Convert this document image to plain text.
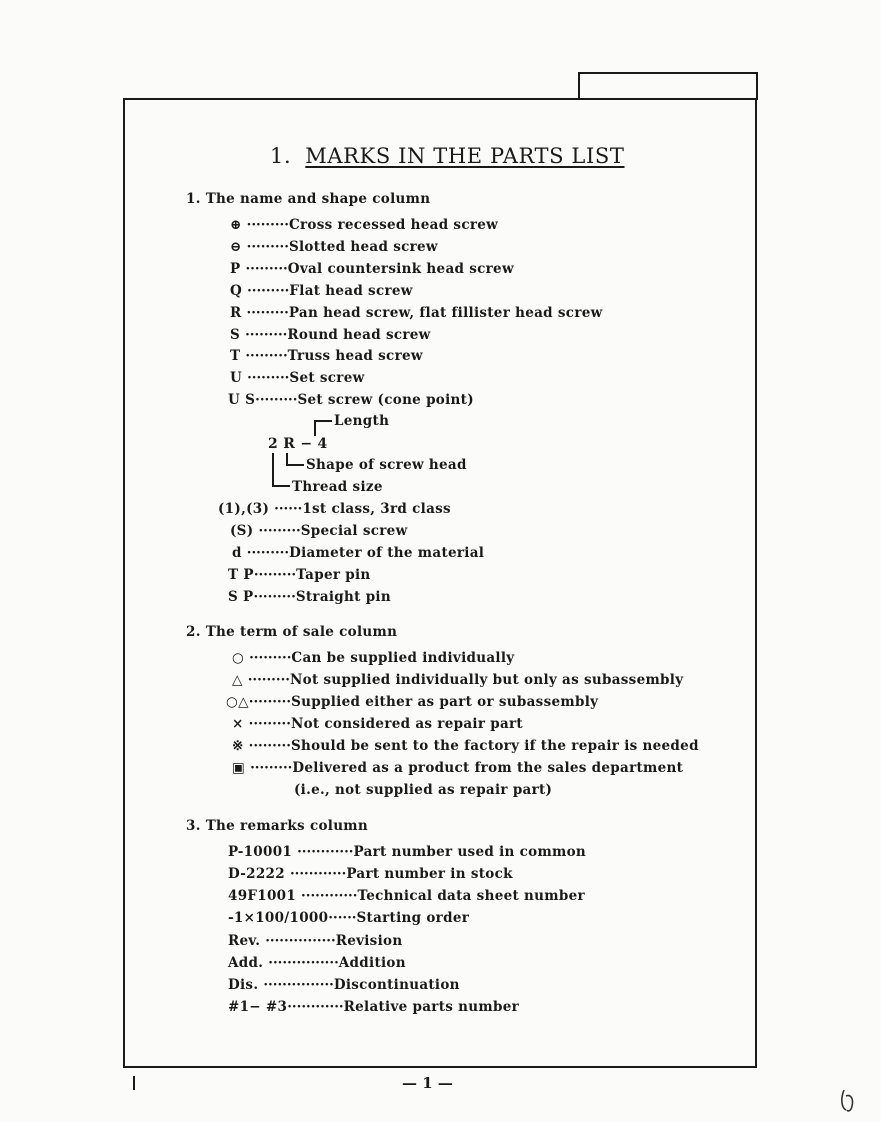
1. MARKS IN THE PARTS LIST
1. The name and shape column
⊕ ·········Cross recessed head screw
⊖ ·········Slotted head screw
P ·········Oval countersink head screw
Q ·········Flat head screw
R ·········Pan head screw, flat fillister head screw
S ·········Round head screw
T ·········Truss head screw
U ·········Set screw
U S·········Set screw (cone point)
Length
2 R − 4
Shape of screw head
Thread size
(1),(3) ······1st class, 3rd class
(S) ·········Special screw
d ·········Diameter of the material
T P·········Taper pin
S P·········Straight pin
2. The term of sale column
○ ·········Can be supplied individually
△ ·········Not supplied individually but only as subassembly
○△·········Supplied either as part or subassembly
× ·········Not considered as repair part
※ ·········Should be sent to the factory if the repair is needed
▣ ·········Delivered as a product from the sales department
(i.e., not supplied as repair part)
3. The remarks column
P-10001 ············Part number used in common
D-2222 ············Part number in stock
49F1001 ············Technical data sheet number
-1×100/1000······Starting order
Rev. ···············Revision
Add. ···············Addition
Dis. ···············Discontinuation
#1− #3············Relative parts number
— 1 —
